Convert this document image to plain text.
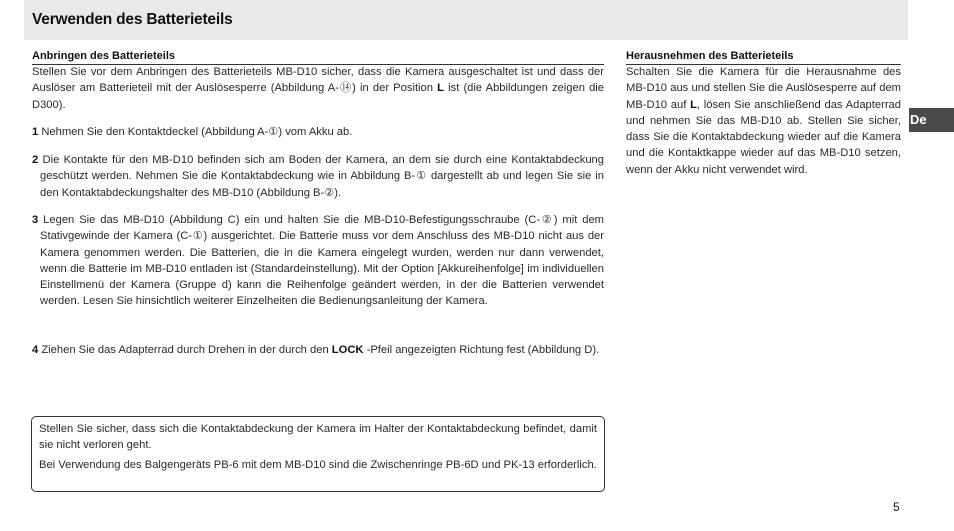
Verwenden des Batterieteils
Anbringen des Batterieteils

Stellen Sie vor dem Anbringen des Batterieteils MB-D10 sicher, dass die Kamera ausgeschaltet ist und dass der Auslöser am Batterieteil mit der Auslösesperre (Abbildung A-⑭) in der Position L ist (die Abbildungen zeigen die D300).

1 Nehmen Sie den Kontaktdeckel (Abbildung A-①) vom Akku ab.

2 Die Kontakte für den MB-D10 befinden sich am Boden der Kamera, an dem sie durch eine Kontaktabdeckung geschützt werden. Nehmen Sie die Kontaktabdeckung wie in Abbildung B-① dargestellt ab und legen Sie sie in den Kontaktabdeckungshalter des MB-D10 (Abbildung B-②).

3 Legen Sie das MB-D10 (Abbildung C) ein und halten Sie die MB-D10-Befestigungsschraube (C-②) mit dem Stativgewinde der Kamera (C-①) ausgerichtet. Die Batterie muss vor dem Anschluss des MB-D10 nicht aus der Kamera genommen werden. Die Batterien, die in die Kamera eingelegt wurden, werden nur dann verwendet, wenn die Batterie im MB-D10 entladen ist (Standardeinstellung). Mit der Option [Akkureihenfolge] im individuellen Einstellmenü der Kamera (Gruppe d) kann die Reihenfolge geändert werden, in der die Batterien verwendet werden. Lesen Sie hinsichtlich weiterer Einzelheiten die Bedienungsanleitung der Kamera.

4 Ziehen Sie das Adapterrad durch Drehen in der durch den LOCK -Pfeil angezeigten Richtung fest (Abbildung D).

Herausnehmen des Batterieteils

Schalten Sie die Kamera für die Herausnahme des MB-D10 aus und stellen Sie die Auslösesperre auf dem MB-D10 auf L, lösen Sie anschließend das Adapterrad und nehmen Sie das MB-D10 ab. Stellen Sie sicher, dass Sie die Kontaktabdeckung wieder auf die Kamera und die Kontaktkappe wieder auf das MB-D10 setzen, wenn der Akku nicht verwendet wird.

Stellen Sie sicher, dass sich die Kontaktabdeckung der Kamera im Halter der Kontaktabdeckung befindet, damit sie nicht verloren geht.

Bei Verwendung des Balgengeräts PB-6 mit dem MB-D10 sind die Zwischenringe PB-6D und PK-13 erforderlich.

De
5
